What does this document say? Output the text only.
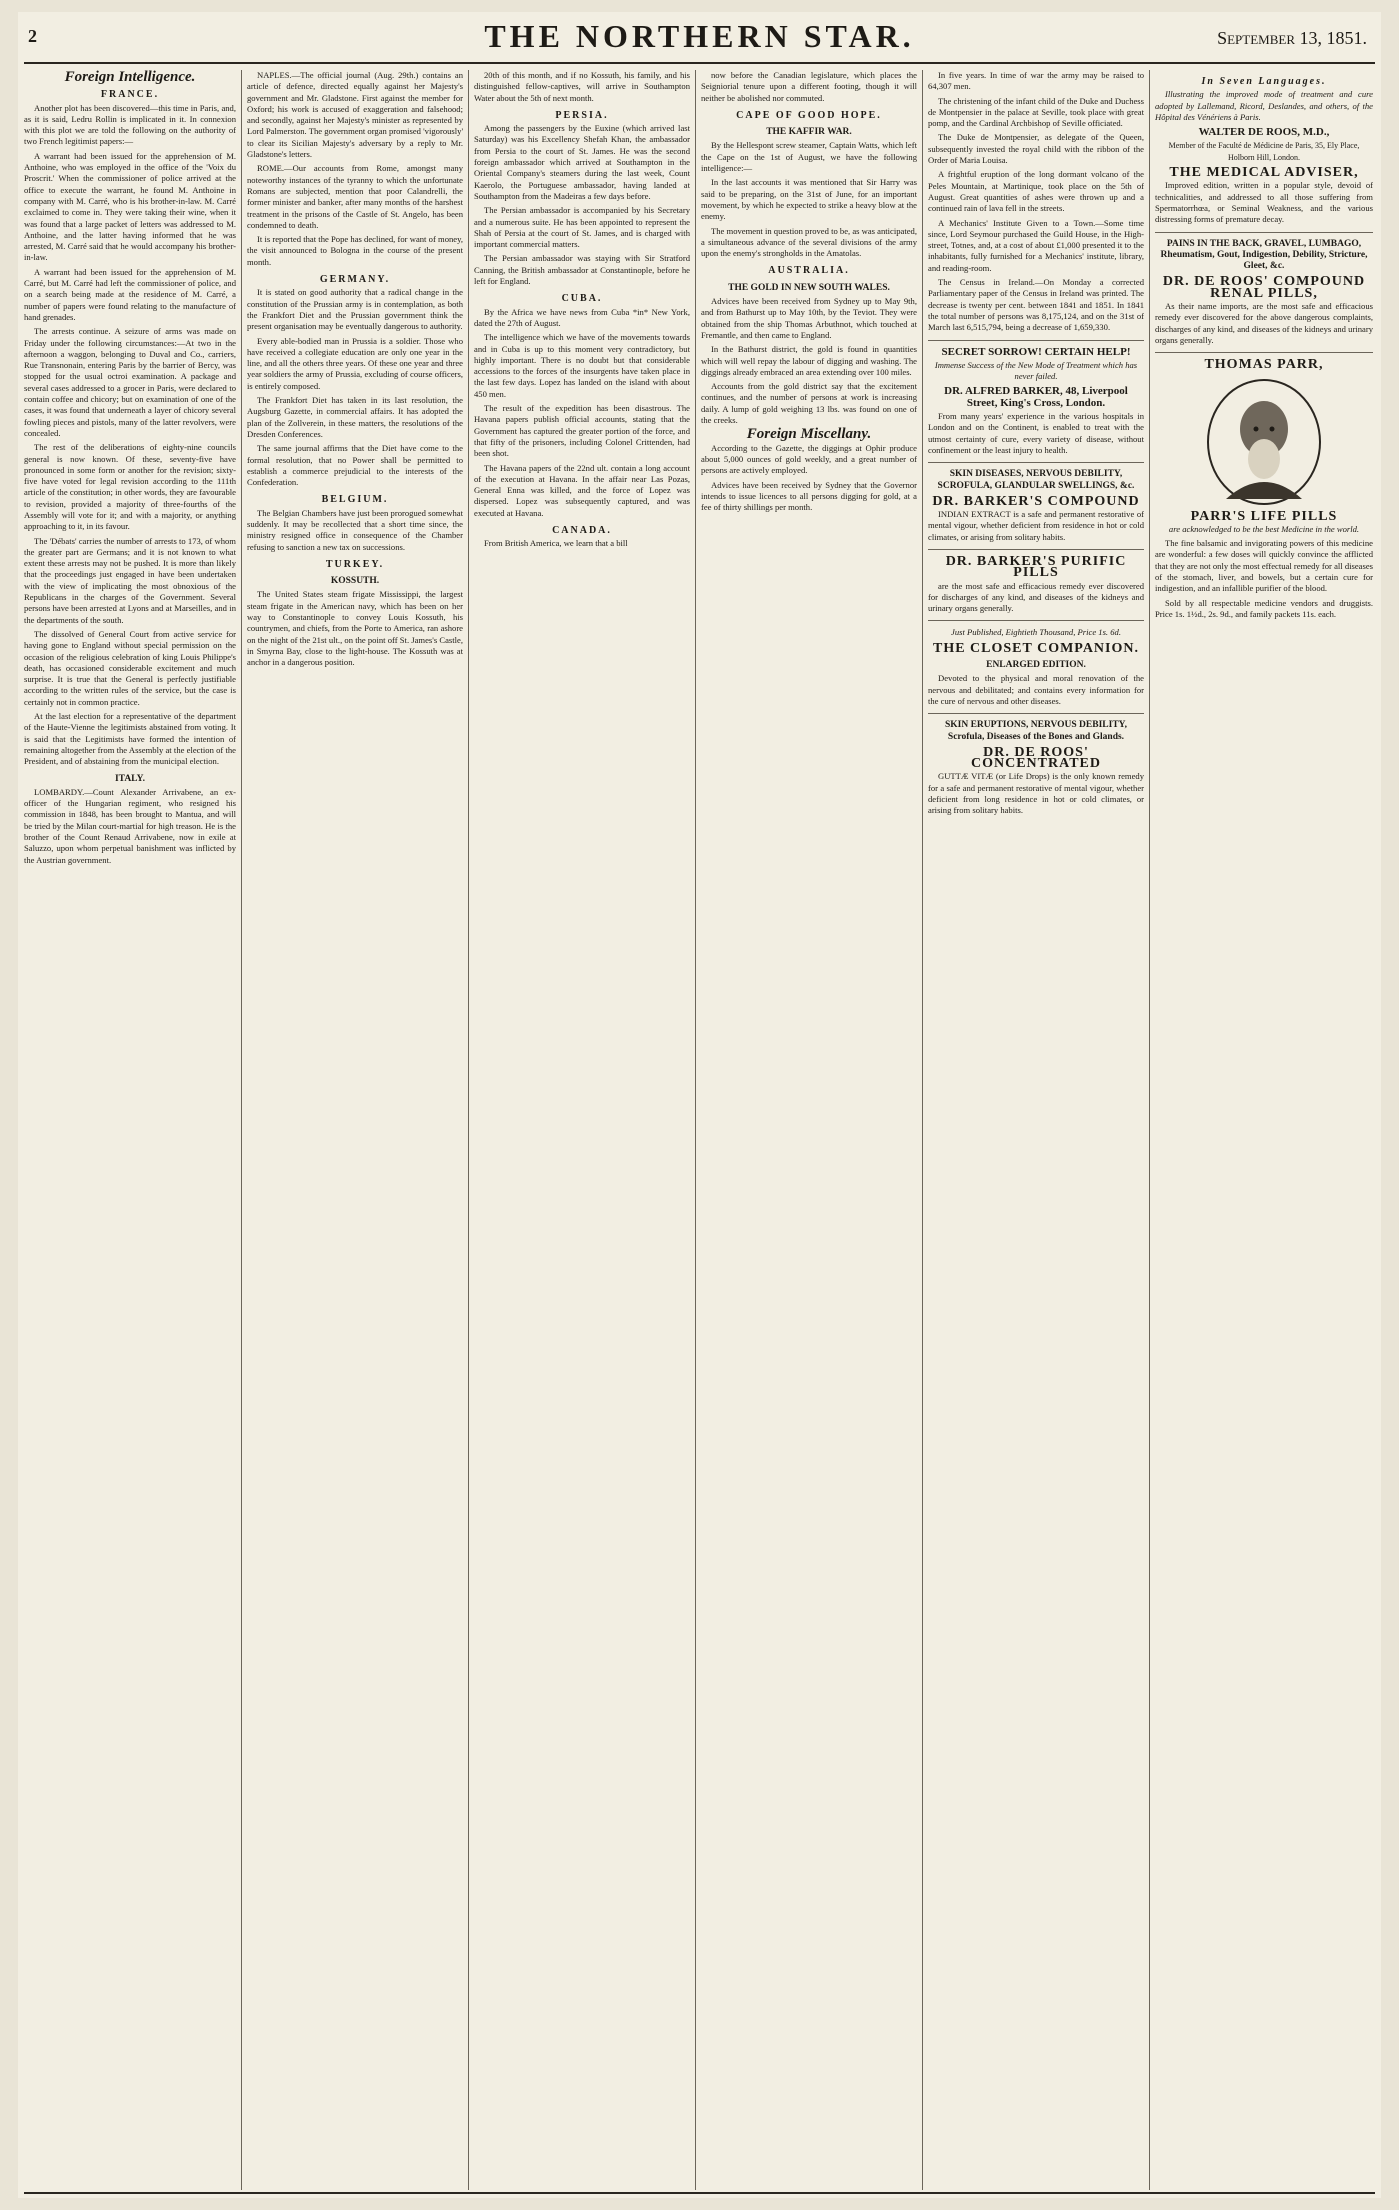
2	THE NORTHERN STAR.	September 13, 1851.
Foreign Intelligence.
FRANCE.

Another plot has been discovered—this time in Paris, and, as it is said, Ledru Rollin is implicated in it. In connexion with this plot we are told the following on the authority of two French legitimist papers:—

A warrant had been issued for the apprehension of M. Anthoine, who was employed in the office of the 'Voix du Proscrit.' When the commissioner of police arrived at the office to execute the warrant, he found M. Anthoine in company with M. Carré, who is his brother-in-law. M. Carré exclaimed to come in. They were taking their wine, when it was found that a large packet of letters was addressed to M. Anthoine, and the latter having informed that he was arrested, M. Carré said that he would accompany his brother-in-law.

A warrant had been issued for the apprehension of M. Carré, but M. Carré had left the commissioner of police, and on a search being made at the residence of M. Carré, a number of papers were found relating to the manufacture of hand grenades.

The arrests continue. A seizure of arms was made on Friday under the following circumstances:—At two in the afternoon a waggon, belonging to Duval and Co., carriers, Rue Transnonain, entering Paris by the barrier of Bercy, was stopped for the usual octroi examination. A package and several cases addressed to a grocer in Paris, were declared to contain coffee and chicory; but on examination of one of the cases, it was found that underneath a layer of chicory several fowling pieces and pistols, many of the latter revolvers, were concealed.

The rest of the deliberations of eighty-nine councils general is now known. Of these, seventy-five have pronounced in some form or another for the revision; sixty-five have voted for legal revision according to the 111th article of the constitution; in other words, they are favourable to revision, provided a majority of three-fourths of the Assembly will vote for it; and with a majority, or anything approaching to it, in its favour.

The 'Débats' carries the number of arrests to 173, of whom the greater part are Germans; and it is not known to what extent these arrests may not be pushed. It is more than likely that the proceedings just engaged in have been undertaken with the view of implicating the most obnoxious of the Republicans in the charges of the Government. Several persons have been arrested at Lyons and at Marseilles, and in the departments of the south.

The dissolved of General Court from active service for having gone to England without special permission on the occasion of the religious celebration of king Louis Philippe's death, has occasioned considerable excitement and much surprise. It is true that the General is perfectly justifiable according to the written rules of the service, but the case is certainly not in common practice.

At the last election for a representative of the department of the Haute-Vienne the legitimists abstained from voting. It is said that the Legitimists have formed the intention of remaining altogether from the Assembly at the election of the President, and of abstaining from the municipal election.

ITALY.

LOMBARDY.—Count Alexander Arrivabene, an ex-officer of the Hungarian regiment, who resigned his commission in 1848, has been brought to Mantua, and will be tried by the Milan court-martial for high treason. He is the brother of the Count Renaud Arrivabene, now in exile at Saluzzo, upon whom perpetual banishment was inflicted by the Austrian government.

NAPLES.—The official journal (Aug. 29th.) contains an article of defence, directed equally against her Majesty's government and Mr. Gladstone. First against the member for Oxford; his work is accused of exaggeration and falsehood; and secondly, against her Majesty's minister as represented by Lord Palmerston. The government organ promised 'vigorously' to clear its Sicilian Majesty's adversary by a reply to Mr. Gladstone's letters.

ROME.—Our accounts from Rome, amongst many noteworthy instances of the tyranny to which the unfortunate Romans are subjected, mention that poor Calandrelli, the former minister and banker, after many months of the harshest treatment in the prisons of the Castle of St. Angelo, has been condemned to death.

It is reported that the Pope has declined, for want of money, the visit announced to Bologna in the course of the present month.

GERMANY.

It is stated on good authority that a radical change in the constitution of the Prussian army is in contemplation, as both the Frankfort Diet and the Prussian government think the present organisation may be eventually dangerous to authority.

Every able-bodied man in Prussia is a soldier. Those who have received a collegiate education are only one year in the line, and all the others three years. Of these one year and three year soldiers the army of Prussia, excluding of course officers, is entirely composed.

The Frankfort Diet has taken in its last resolution, the Augsburg Gazette, in commercial affairs. It has adopted the plan of the Zollverein, in these matters, the resolutions of the Dresden Conferences.

The same journal affirms that the Diet have come to the formal resolution, that no Power shall be permitted to establish a commerce prejudicial to the interests of the Confederation.

BELGIUM.

The Belgian Chambers have just been prorogued somewhat suddenly. It may be recollected that a short time since, the ministry resigned office in consequence of the Chamber refusing to sanction a new tax on successions.

TURKEY.
KOSSUTH.

The United States steam frigate Mississippi, the largest steam frigate in the American navy, which has been on her way to Constantinople to convey Louis Kossuth, his countrymen, and chiefs, from the Porte to America, ran ashore on the night of the 21st ult., on the point off St. James's Castle, in Smyrna Bay, close to the light-house. The Kossuth was at anchor in a dangerous position.

20th of this month, and if no Kossuth, his family, and his distinguished fellow-captives, will arrive in Southampton Water about the 5th of next month.

PERSIA.

Among the passengers by the Euxine (which arrived last Saturday) was his Excellency Shefah Khan, the ambassador from Persia to the court of St. James. He was the second foreign ambassador which arrived at Southampton in the Oriental Company's steamers during the last week, Count Kaerolo, the Portuguese ambassador, having landed at Southampton from the Madeiras a few days before.

The Persian ambassador is accompanied by his Secretary and a numerous suite. He has been appointed to represent the Shah of Persia at the court of St. James, and is charged with important commercial matters.

The Persian ambassador was staying with Sir Stratford Canning, the British ambassador at Constantinople, before he left for England.

CUBA.

By the Africa we have news from Cuba *in* New York, dated the 27th of August.

The intelligence which we have of the movements towards and in Cuba is up to this moment very contradictory, but highly important. There is no doubt but that considerable accessions to the forces of the insurgents have taken place in the last few days. Lopez has landed on the island with about 450 men.

The result of the expedition has been disastrous. The Havana papers publish official accounts, stating that the Government has captured the greater portion of the force, and that fifty of the prisoners, including Colonel Crittenden, had been shot.

The Havana papers of the 22nd ult. contain a long account of the execution at Havana. In the affair near Las Pozas, General Enna was killed, and the force of Lopez was dispersed. Lopez was subsequently captured, and was executed at Havana.

CANADA.

From British America, we learn that a bill

now before the Canadian legislature, which places the Seigniorial tenure upon a different footing, though it will neither be abolished nor commuted.

CAPE OF GOOD HOPE.
THE KAFFIR WAR.

By the Hellespont screw steamer, Captain Watts, which left the Cape on the 1st of August, we have the following intelligence:—

In the last accounts it was mentioned that Sir Harry was said to be preparing, on the 31st of June, for an important movement, by which he expected to strike a heavy blow at the enemy.

The movement in question proved to be, as was anticipated, a simultaneous advance of the several divisions of the army upon the enemy's strongholds in the Amatolas.

AUSTRALIA.
THE GOLD IN NEW SOUTH WALES.

Advices have been received from Sydney up to May 9th, and from Bathurst up to May 10th, by the Teviot. They were obtained from the ship Thomas Arbuthnot, which touched at Fremantle, and then came to England.

In the Bathurst district, the gold is found in quantities which will well repay the labour of digging and washing. The diggings already embraced an area extending over 100 miles.

Accounts from the gold district say that the excitement continues, and the number of persons at work is increasing daily. A lump of gold weighing 13 lbs. was found on one of the creeks.

Foreign Miscellany.

According to the Gazette, the diggings at Ophir produce about 5,000 ounces of gold weekly, and a great number of persons are actively employed.

Advices have been received by Sydney that the Governor intends to issue licences to all persons digging for gold, at a fee of thirty shillings per month.

In five years. In time of war the army may be raised to 64,307 men.

The christening of the infant child of the Duke and Duchess de Montpensier in the palace at Seville, took place with great pomp, and the Cardinal Archbishop of Seville officiated.

The Duke de Montpensier, as delegate of the Queen, subsequently invested the royal child with the ribbon of the Order of Maria Louisa.

A frightful eruption of the long dormant volcano of the Peles Mountain, at Martinique, took place on the 5th of August. Great quantities of ashes were thrown up and a continued rain of lava fell in the streets.

A Mechanics' Institute Given to a Town.—Some time since, Lord Seymour purchased the Guild House, in the High-street, Totnes, and, at a cost of about £1,000 presented it to the inhabitants, fully furnished for a Mechanics' institute, library, and reading-room.

The Census in Ireland.—On Monday a corrected Parliamentary paper of the Census in Ireland was printed. The decrease is twenty per cent. between 1841 and 1851. In 1841 the total number of persons was 8,175,124, and on the 31st of March last 6,515,794, being a decrease of 1,659,330.

SECRET SORROW! CERTAIN HELP!
Immense Success of the New Mode of Treatment which has never failed.
DR. ALFRED BARKER, 48, Liverpool Street, King's Cross, London.

From many years' experience in the various hospitals in London and on the Continent, is enabled to treat with the utmost certainty of cure, every variety of disease, without confinement or the least injury to health.

SKIN DISEASES, NERVOUS DEBILITY, SCROFULA, GLANDULAR SWELLINGS, &c.
DR. BARKER'S COMPOUND

INDIAN EXTRACT is a safe and permanent restorative of mental vigour, whether deficient from residence in hot or cold climates, or arising from solitary habits.

DR. BARKER'S PURIFIC PILLS

are the most safe and efficacious remedy ever discovered for discharges of any kind, and diseases of the kidneys and urinary organs generally.

Just Published, Eightieth Thousand, Price 1s. 6d.
THE CLOSET COMPANION.
ENLARGED EDITION.

Devoted to the physical and moral renovation of the nervous and debilitated; and contains every information for the cure of nervous and other diseases.

SKIN ERUPTIONS, NERVOUS DEBILITY, Scrofula, Diseases of the Bones and Glands.
DR. DE ROOS' CONCENTRATED

GUTTÆ VITÆ (or Life Drops) is the only known remedy for a safe and permanent restorative of mental vigour, whether deficient from long residence in hot or cold climates, or arising from solitary habits.

In Seven Languages.

Illustrating the improved mode of treatment and cure adopted by Lallemand, Ricord, Deslandes, and others, of the Hôpital des Vénériens à Paris.

WALTER DE ROOS, M.D.,
Member of the Faculté de Médicine de Paris, 35, Ely Place, Holborn Hill, London.
THE MEDICAL ADVISER,

Improved edition, written in a popular style, devoid of technicalities, and addressed to all those suffering from Spermatorrhœa, or Seminal Weakness, and the various distressing forms of premature decay.

PAINS IN THE BACK, GRAVEL, LUMBAGO, Rheumatism, Gout, Indigestion, Debility, Stricture, Gleet, &c.
DR. DE ROOS' COMPOUND RENAL PILLS,

As their name imports, are the most safe and efficacious remedy ever discovered for the above dangerous complaints, discharges of any kind, and diseases of the kidneys and urinary organs generally.

THOMAS PARR,
PARR'S LIFE PILLS
are acknowledged to be the best Medicine in the world.

The fine balsamic and invigorating powers of this medicine are wonderful: a few doses will quickly convince the afflicted that they are not only the most effectual remedy for all diseases of the stomach, liver, and bowels, but a certain cure for indigestion, and an infallible purifier of the blood.

Sold by all respectable medicine vendors and druggists. Price 1s. 1½d., 2s. 9d., and family packets 11s. each.
